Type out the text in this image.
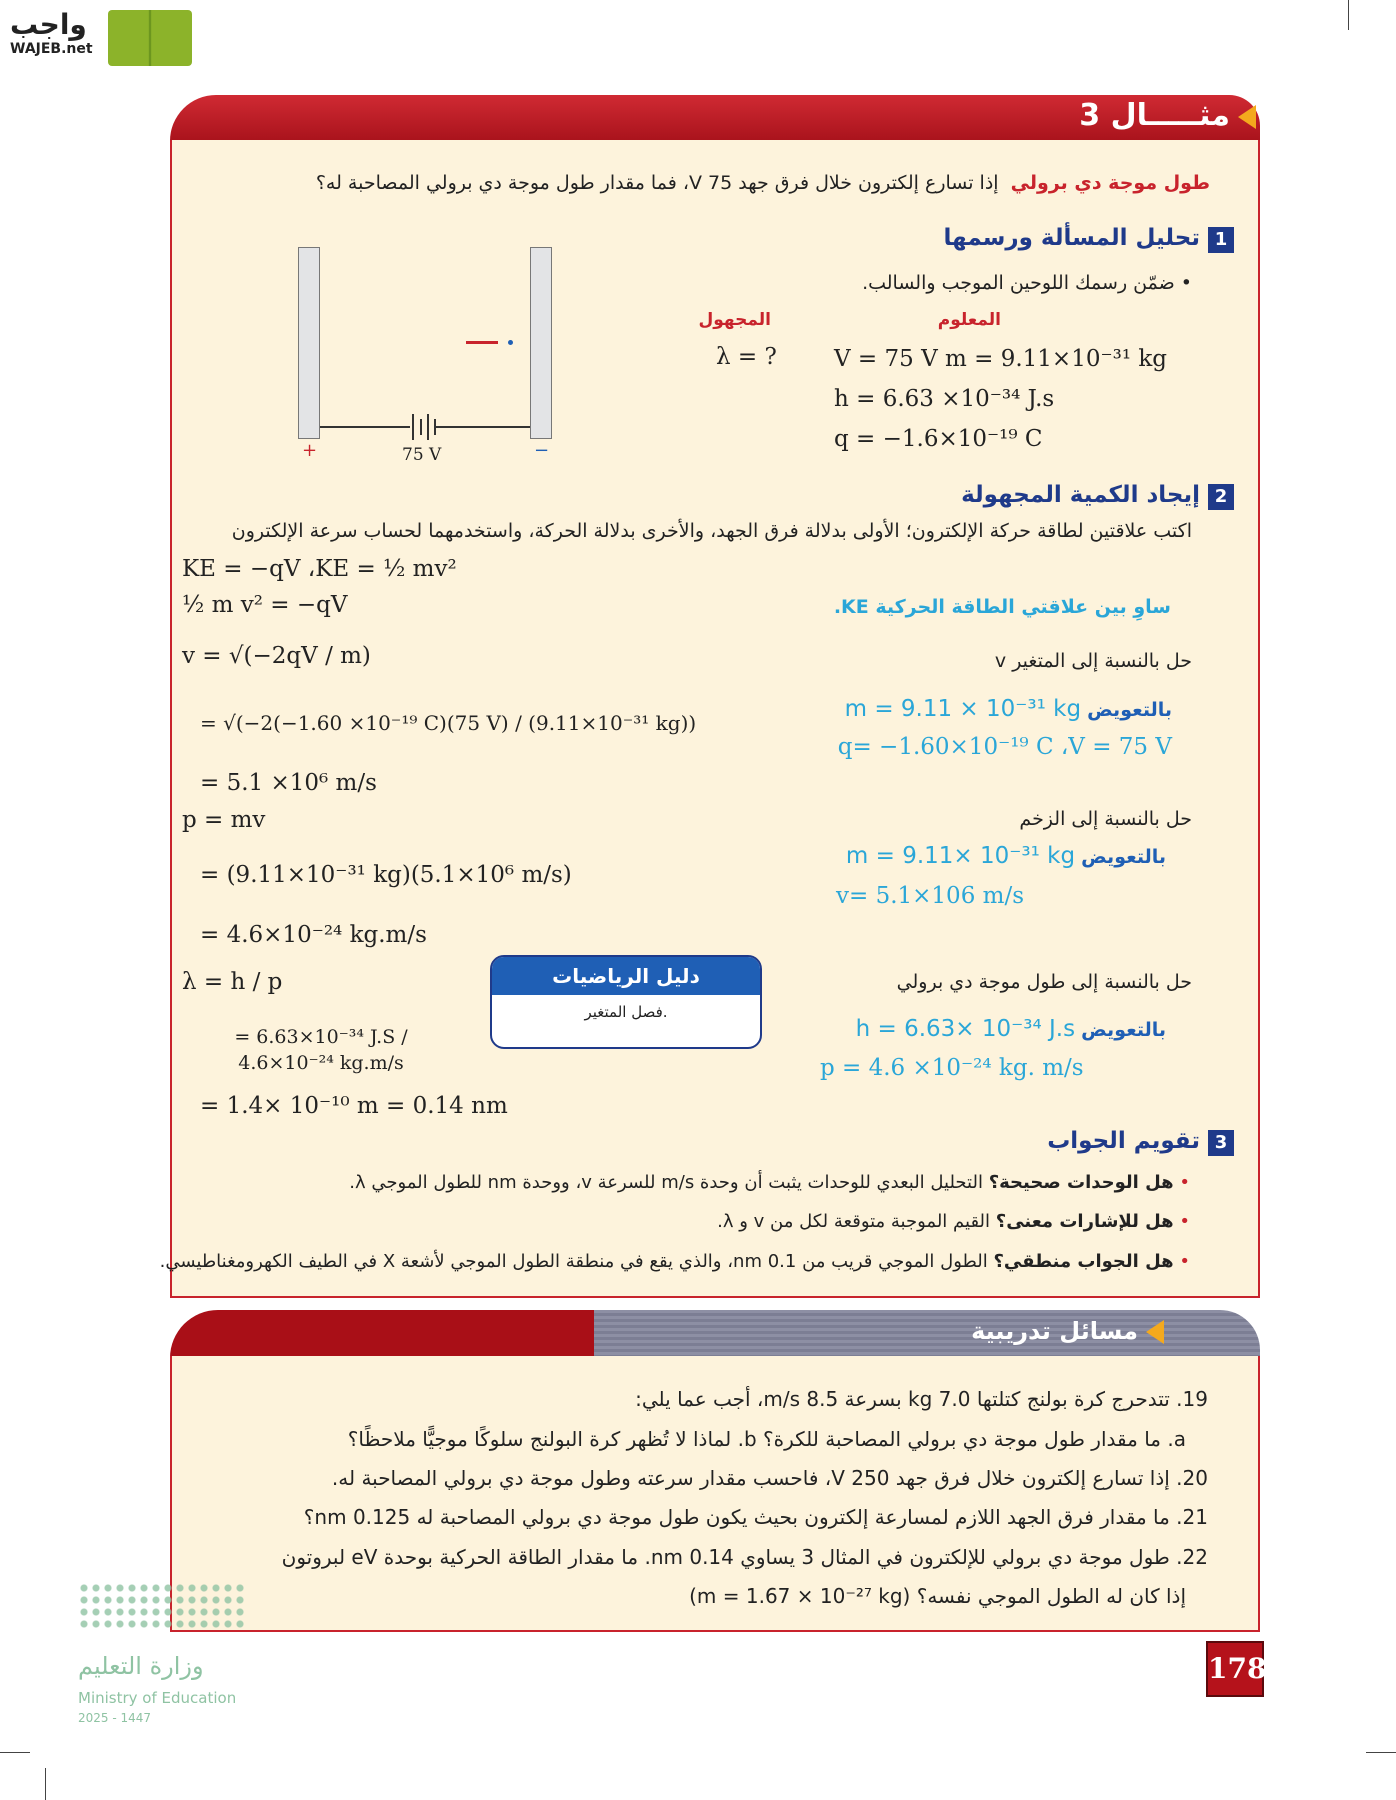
واجب
WAJEB.net
مثـــــال 3
طول موجة دي برولي  إذا تسارع إلكترون خلال فرق جهد 75 V، فما مقدار طول موجة دي برولي المصاحبة له؟
1تحليل المسألة ورسمها
• ضمّن رسمك اللوحين الموجب والسالب.
المعلوم
المجهول
λ = ? V = 75 V m = 9.11×10⁻³¹ kg
h = 6.63 ×10⁻³⁴ J.s
q = −1.6×10⁻¹⁹ C
+	−
75 V
2إيجاد الكمية المجهولة
اكتب علاقتين لطاقة حركة الإلكترون؛ الأولى بدلالة فرق الجهد، والأخرى بدلالة الحركة، واستخدمهما لحساب سرعة الإلكترون
KE = −qV ،KE = ½ mv²
½ m v² = −qV
v = √(−2qV / m)
= √(−2(−1.60 ×10⁻¹⁹ C)(75 V) / (9.11×10⁻³¹ kg))
= 5.1 ×10⁶ m/s
p = mv
= (9.11×10⁻³¹ kg)(5.1×10⁶ m/s)
= 4.6×10⁻²⁴ kg.m/s
λ = h / p
= 6.63×10⁻³⁴ J.S / 4.6×10⁻²⁴ kg.m/s
= 1.4× 10⁻¹⁰ m = 0.14 nm
ساوِ بين علاقتي الطاقة الحركية KE.
حل بالنسبة إلى المتغير v
بالتعويض m = 9.11 × 10⁻³¹ kg
q= −1.60×10⁻¹⁹ C ،V = 75 V
حل بالنسبة إلى الزخم
بالتعويض m = 9.11× 10⁻³¹ kg
v= 5.1×106 m/s
حل بالنسبة إلى طول موجة دي برولي
بالتعويض h = 6.63× 10⁻³⁴ J.s
p = 4.6 ×10⁻²⁴ kg. m/s
دليل الرياضيات
فصل المتغير.
3تقويم الجواب
• هل الوحدات صحيحة؟ التحليل البعدي للوحدات يثبت أن وحدة m/s للسرعة v، ووحدة nm للطول الموجي λ.
• هل للإشارات معنى؟ القيم الموجبة متوقعة لكل من v و λ.
• هل الجواب منطقي؟ الطول الموجي قريب من 0.1 nm، والذي يقع في منطقة الطول الموجي لأشعة X في الطيف الكهرومغناطيسي.
مسائل تدريبية
19. تتدحرج كرة بولنج كتلتها 7.0 kg بسرعة 8.5 m/s، أجب عما يلي:
a. ما مقدار طول موجة دي برولي المصاحبة للكرة؟ b. لماذا لا تُظهر كرة البولنج سلوكًا موجيًّا ملاحظًا؟
20. إذا تسارع إلكترون خلال فرق جهد 250 V، فاحسب مقدار سرعته وطول موجة دي برولي المصاحبة له.
21. ما مقدار فرق الجهد اللازم لمسارعة إلكترون بحيث يكون طول موجة دي برولي المصاحبة له 0.125 nm؟
22. طول موجة دي برولي للإلكترون في المثال 3 يساوي 0.14 nm. ما مقدار الطاقة الحركية بوحدة eV لبروتون
إذا كان له الطول الموجي نفسه؟ (m = 1.67 × 10⁻²⁷ kg)
178
وزارة التعليم
Ministry of Education
2025 - 1447
